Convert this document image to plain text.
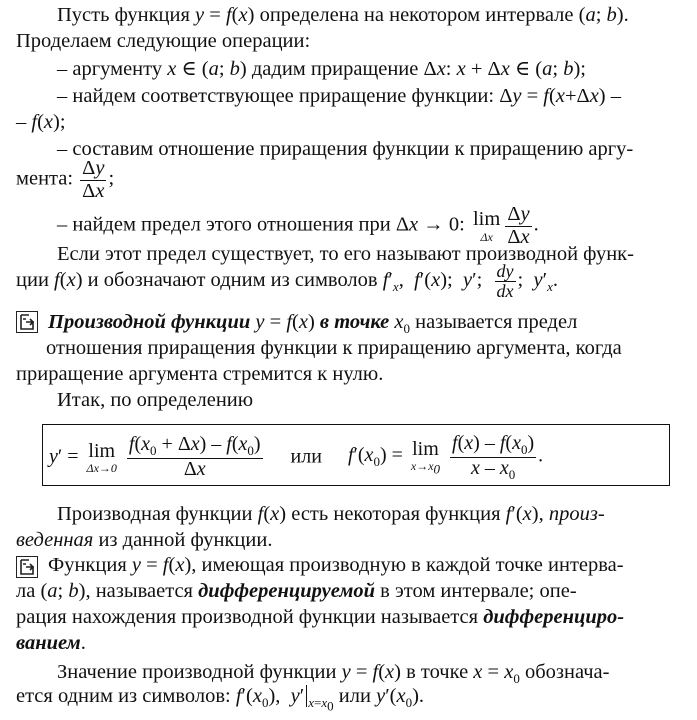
Пусть функция y = f(x) определена на некотором интервале (a; b).
Проделаем следующие операции:
– аргументу x ∈ (a; b) дадим приращение Δx: x + Δx ∈ (a; b);
– найдем соответствующее приращение функции: Δy = f(x+Δx) –
– f(x);
– составим отношение приращения функции к приращению аргу-
мента: $\frac{\Delta y}{\Delta x}$ ;
– найдем предел этого отношения при Δx → 0: lim
Δx $\frac{\Delta y}{\Delta x}$ .
Если этот предел существует, то его называют производной функ-
ции f(x) и обозначают одним из символов $f'_x$,  f′(x);  y′; $\frac{dy}{dx}$ ;  $y'_x$.
Производной функции y = f(x) в точке $x_0$ называется предел
отношения приращения функции к приращению аргумента, когда
приращение аргумента стремится к нулю.
Итак, по определению
y′ = lim
Δx→0
$\frac{f(x_0 + \Delta x) - f(x_0)}{\Delta x}$ или $f'(x_0) = \lim$
$x\to x_0$
$\frac{f(x) - f(x_0)}{x - x_0}$ .
Производная функции f(x) есть некоторая функция f′(x), произ-
веденная из данной функции.
Функция y = f(x), имеющая производную в каждой точке интерва-
ла (a; b), называется дифференцируемой в этом интервале; опе-
рация нахождения производной функции называется дифференциро-
ванием.
Значение производной функции y = f(x) в точке $x = x_0$ обознача-
ется одним из символов: $f'(x_0)$,  y′ $_{x=x_0}$ или $y'(x_0)$.
